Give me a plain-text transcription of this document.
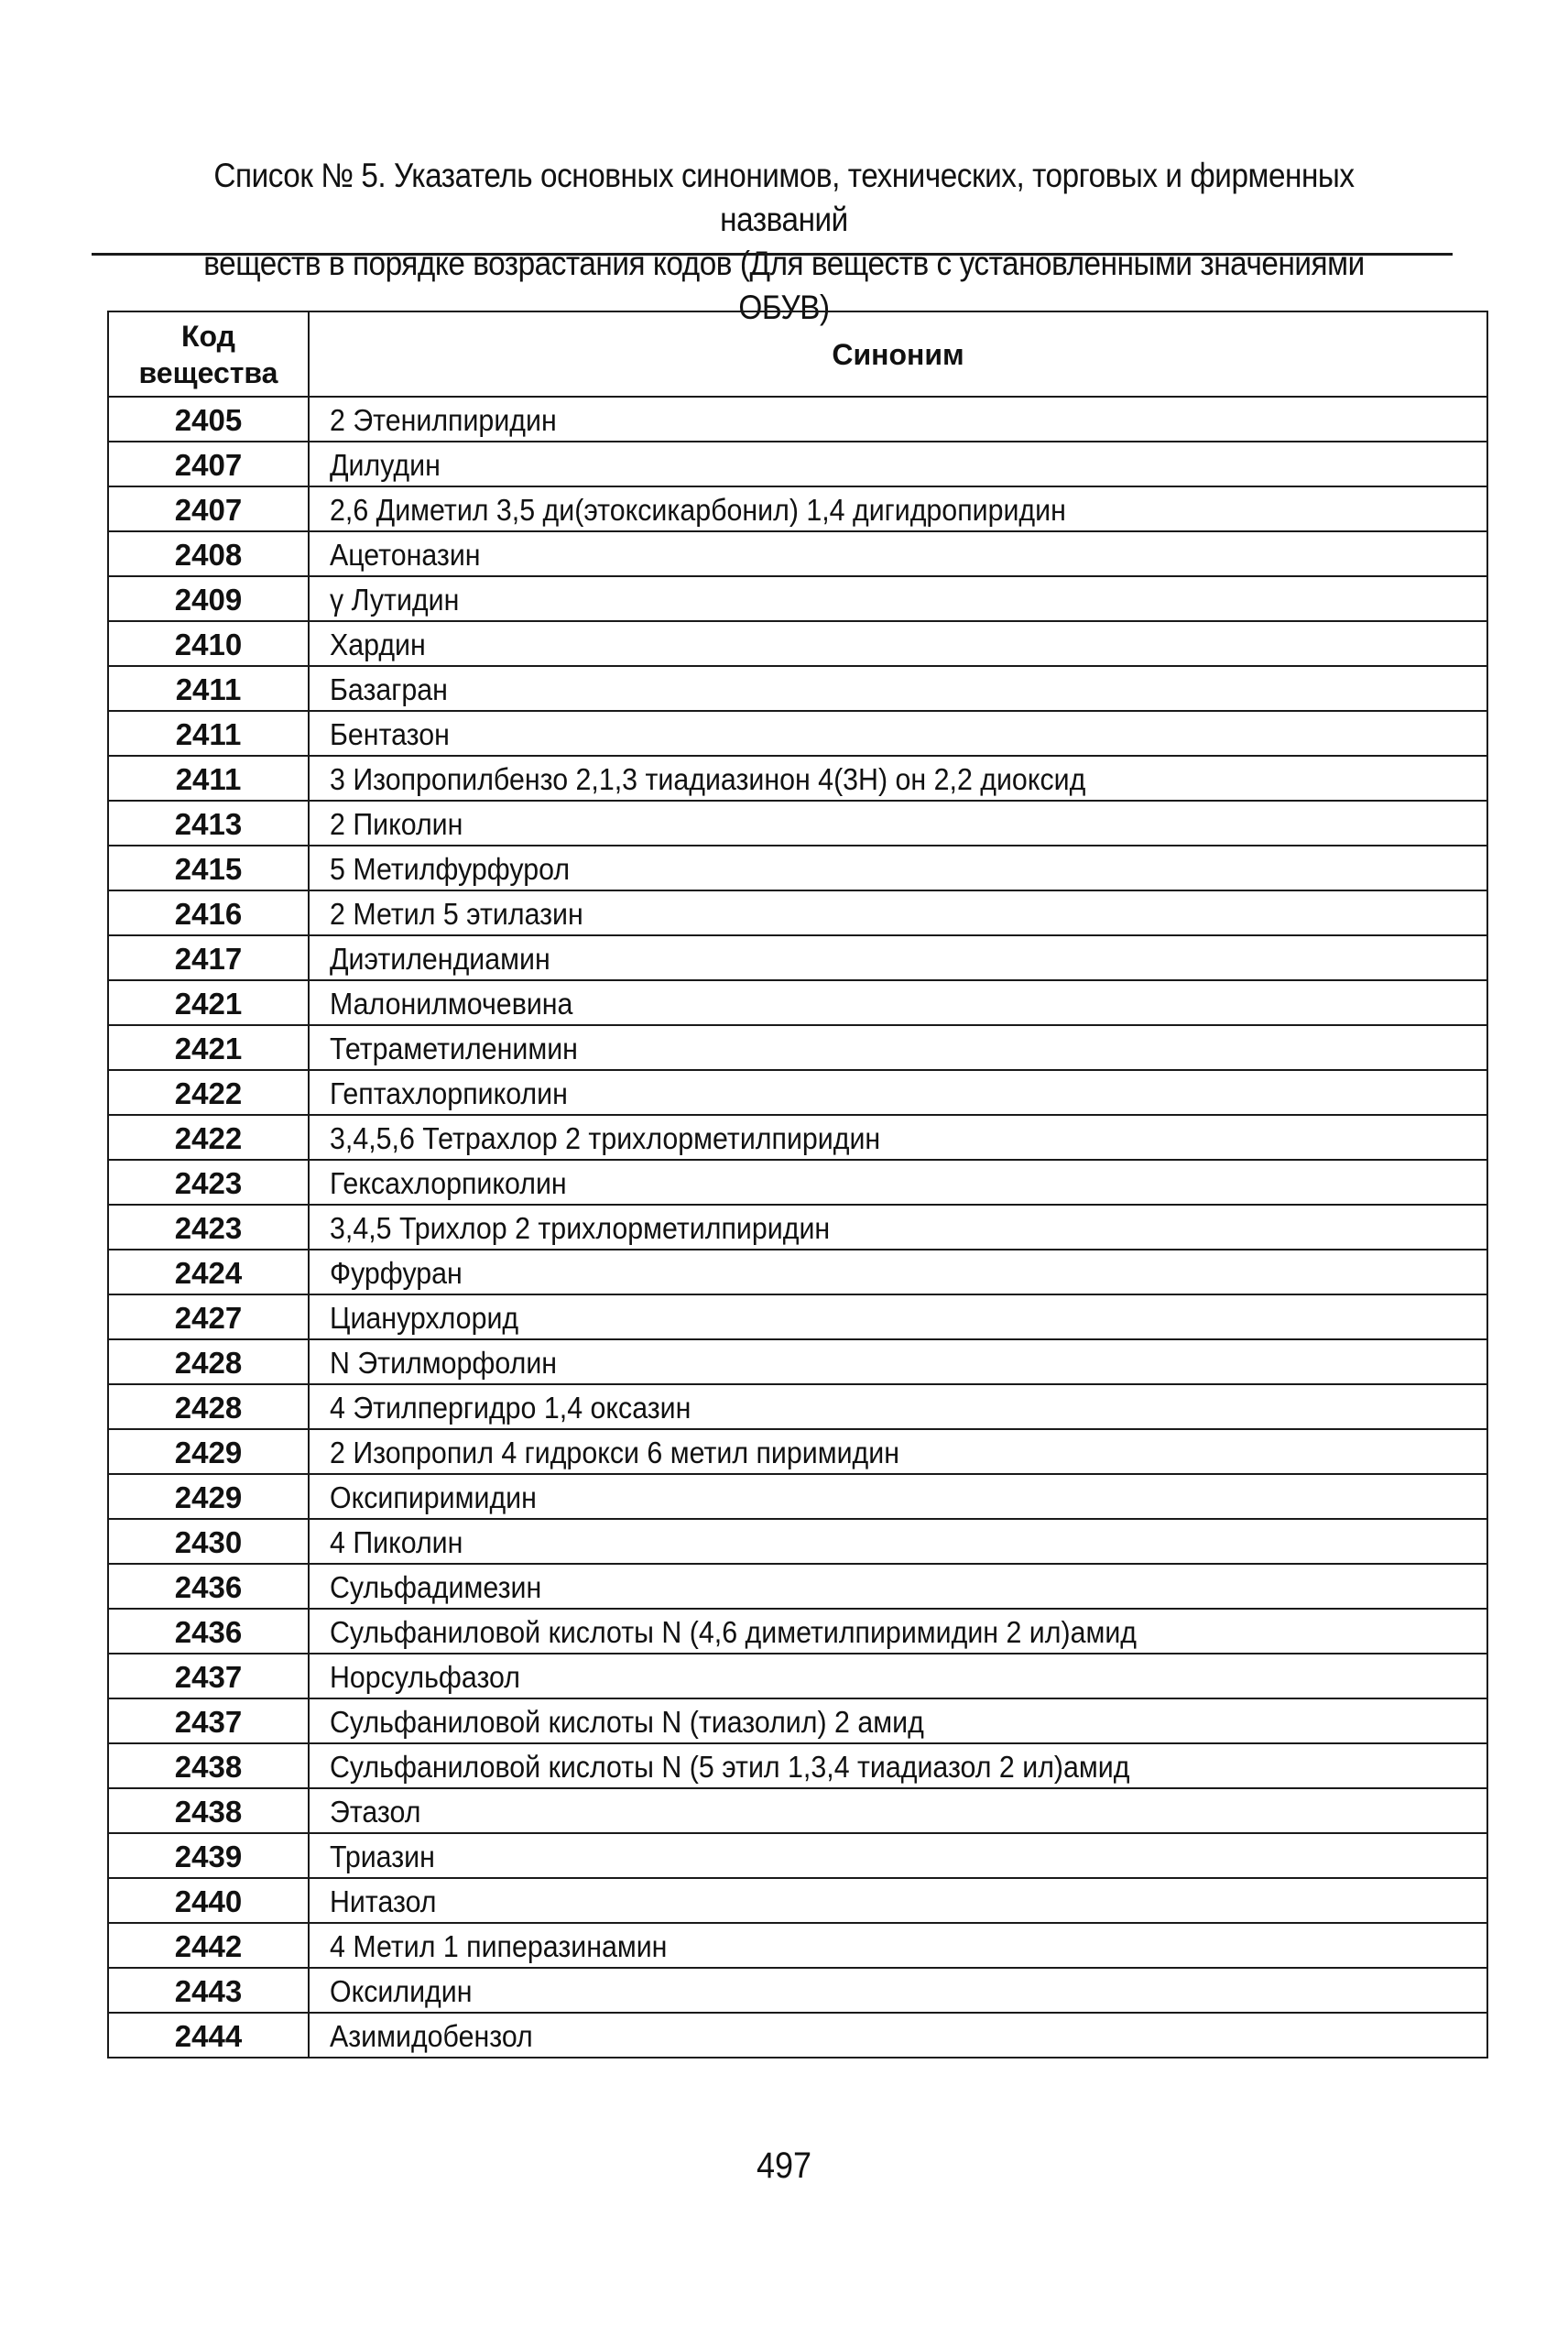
Список № 5. Указатель основных синонимов, технических, торговых и фирменных названий
веществ в порядке возрастания кодов (Для веществ с установленными значениями ОБУВ)
Код
вещества	Синоним
2405	2 Этенилпиридин
2407	Дилудин
2407	2,6 Диметил 3,5 ди(этоксикарбонил) 1,4 дигидропиридин
2408	Ацетоназин
2409	γ Лутидин
2410	Хардин
2411	Базагран
2411	Бентазон
2411	3 Изопропилбензо 2,1,3 тиадиазинон 4(3Н) он 2,2 диоксид
2413	2 Пиколин
2415	5 Метилфурфурол
2416	2 Метил 5 этилазин
2417	Диэтилендиамин
2421	Малонилмочевина
2421	Тетраметиленимин
2422	Гептахлорпиколин
2422	3,4,5,6 Тетрахлор 2 трихлорметилпиридин
2423	Гексахлорпиколин
2423	3,4,5 Трихлор 2 трихлорметилпиридин
2424	Фурфуран
2427	Цианурхлорид
2428	N Этилморфолин
2428	4 Этилпергидро 1,4 оксазин
2429	2 Изопропил 4 гидрокси 6 метил пиримидин
2429	Оксипиримидин
2430	4 Пиколин
2436	Сульфадимезин
2436	Сульфаниловой кислоты N (4,6 диметилпиримидин 2 ил)амид
2437	Норсульфазол
2437	Сульфаниловой кислоты N (тиазолил) 2 амид
2438	Сульфаниловой кислоты N (5 этил 1,3,4 тиадиазол 2 ил)амид
2438	Этазол
2439	Триазин
2440	Нитазол
2442	4 Метил 1 пиперазинамин
2443	Оксилидин
2444	Азимидобензол
497
